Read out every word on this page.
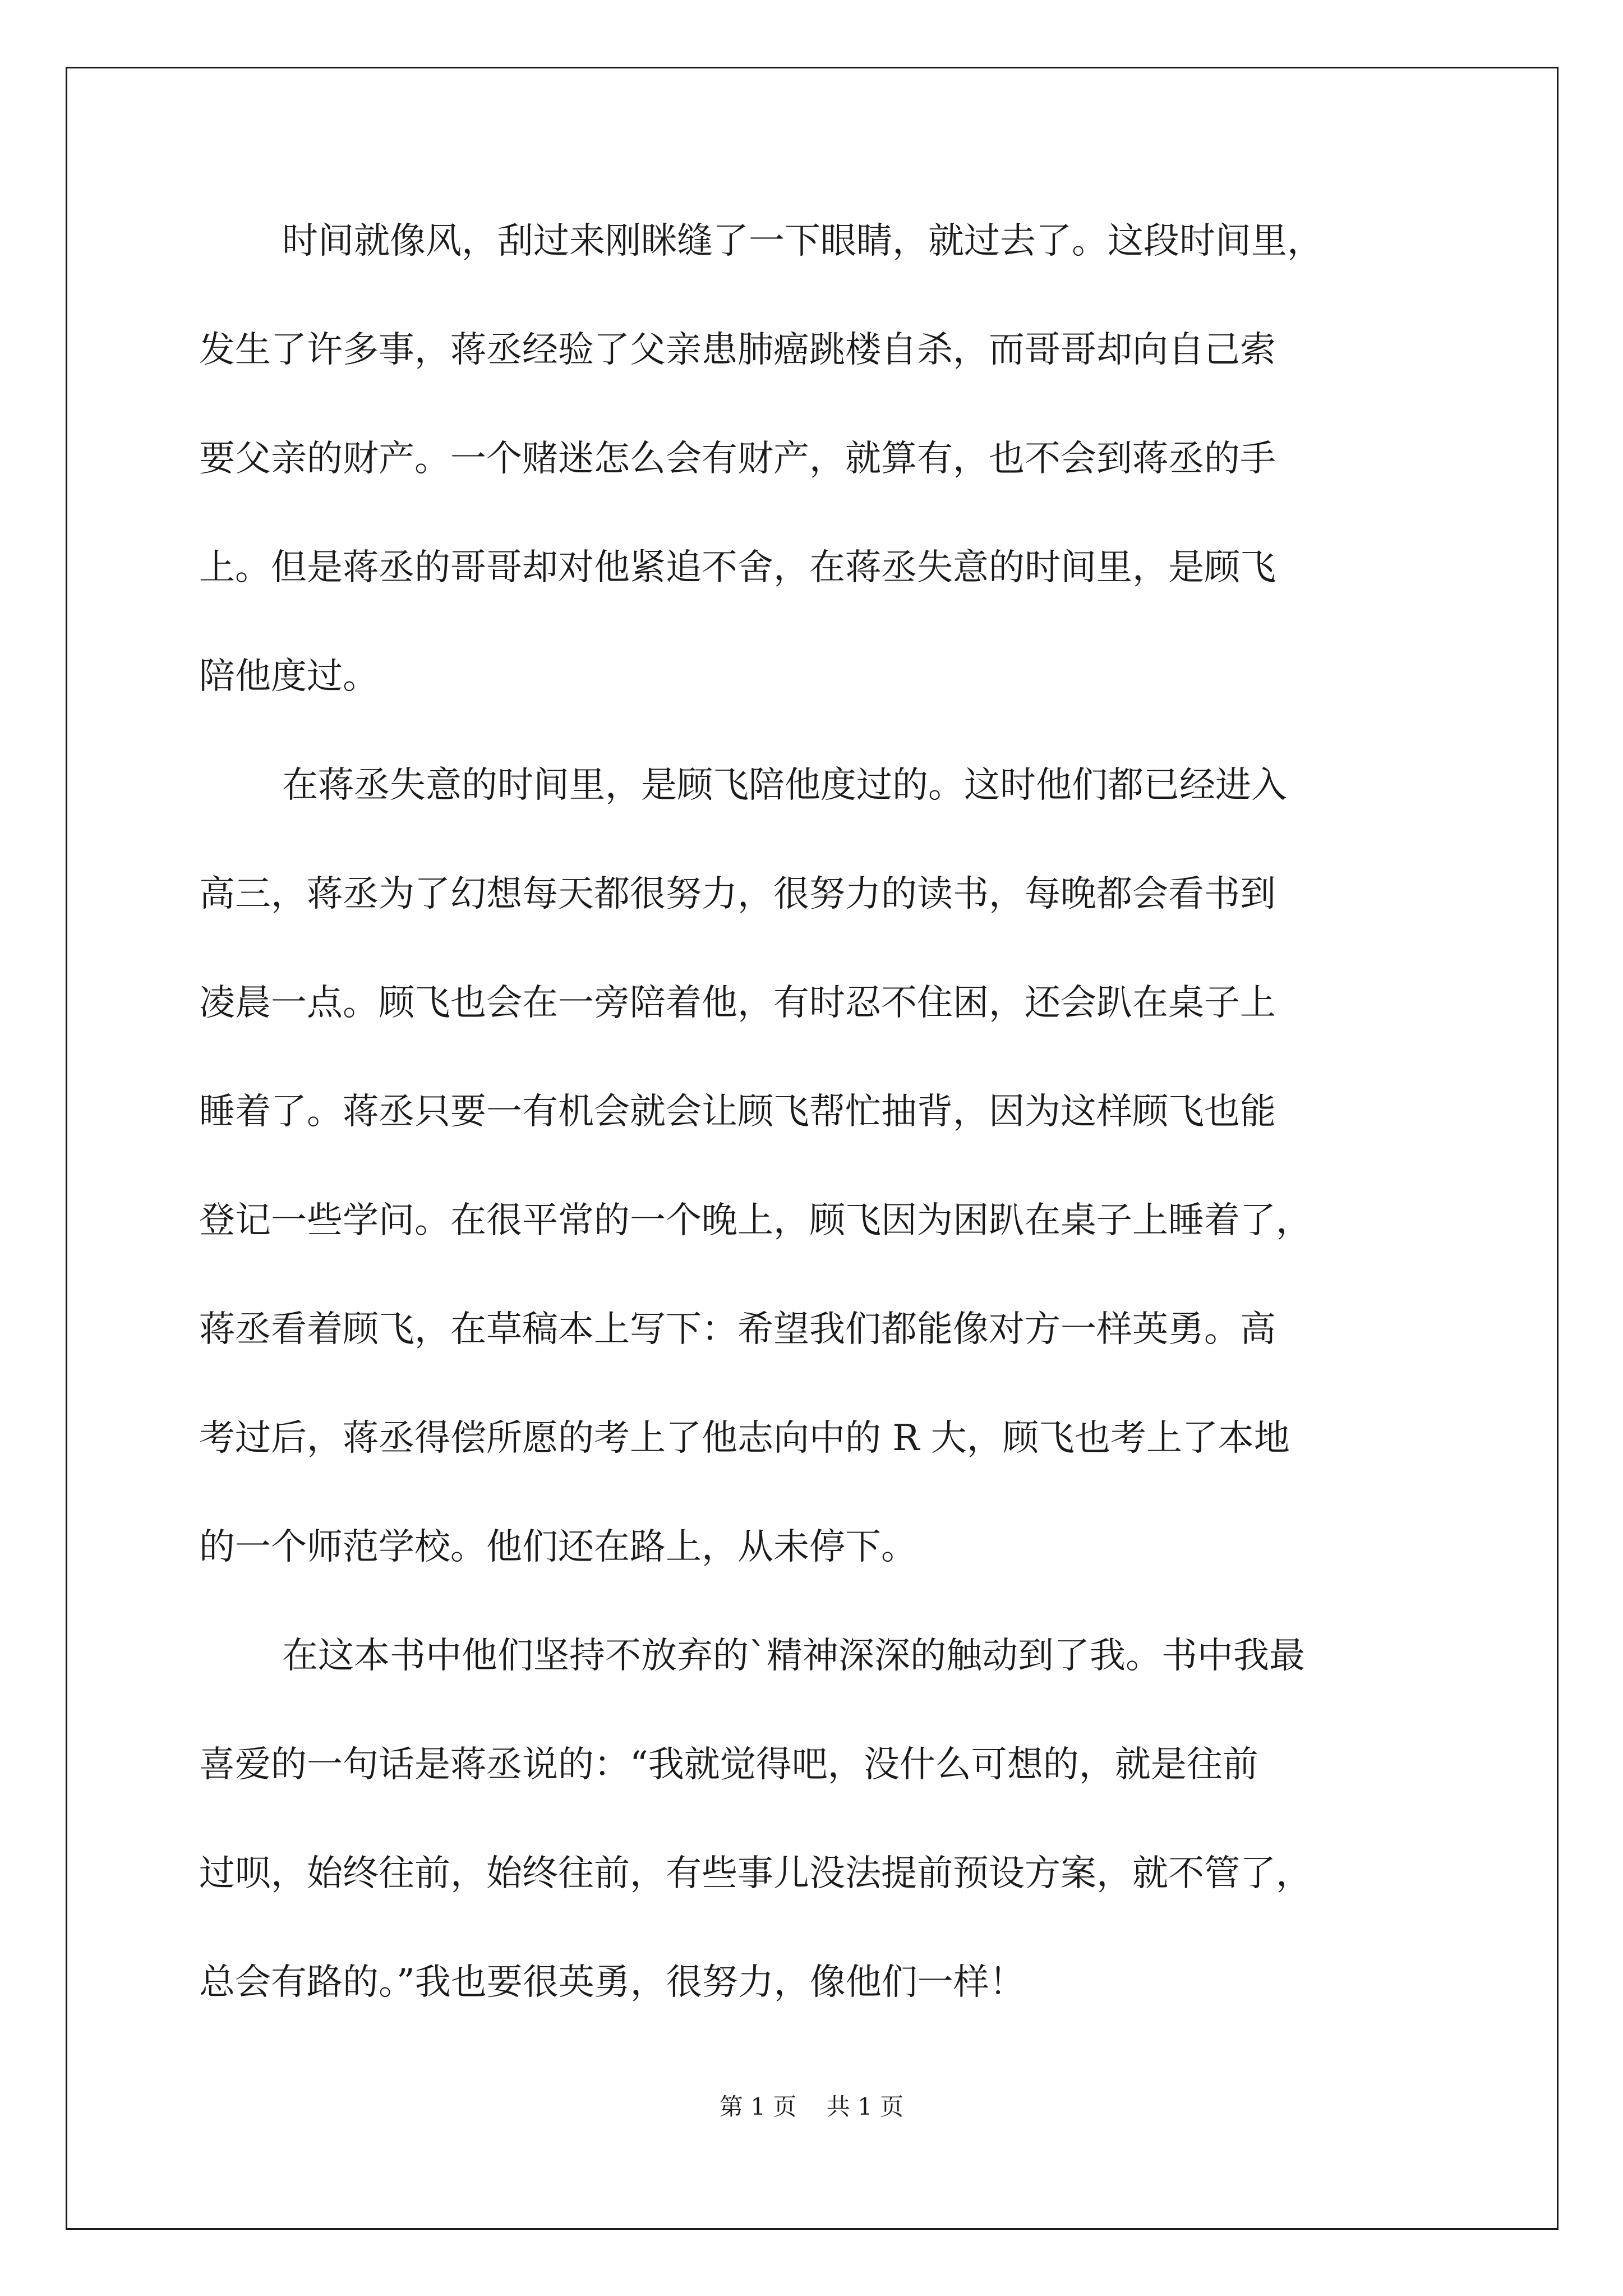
时间就像风，刮过来刚眯缝了一下眼睛，就过去了。这段时间里，
发生了许多事，蒋丞经验了父亲患肺癌跳楼自杀，而哥哥却向自己索
要父亲的财产。一个赌迷怎么会有财产，就算有，也不会到蒋丞的手
上。但是蒋丞的哥哥却对他紧追不舍，在蒋丞失意的时间里，是顾飞
陪他度过。
在蒋丞失意的时间里，是顾飞陪他度过的。这时他们都已经进入
高三，蒋丞为了幻想每天都很努力，很努力的读书，每晚都会看书到
凌晨一点。顾飞也会在一旁陪着他，有时忍不住困，还会趴在桌子上
睡着了。蒋丞只要一有机会就会让顾飞帮忙抽背，因为这样顾飞也能
登记一些学问。在很平常的一个晚上，顾飞因为困趴在桌子上睡着了，
蒋丞看着顾飞，在草稿本上写下：希望我们都能像对方一样英勇。高
考过后，蒋丞得偿所愿的考上了他志向中的 R 大，顾飞也考上了本地
的一个师范学校。他们还在路上，从未停下。
在这本书中他们坚持不放弃的`精神深深的触动到了我。书中我最
喜爱的一句话是蒋丞说的：“我就觉得吧，没什么可想的，就是往前
过呗，始终往前，始终往前，有些事儿没法提前预设方案，就不管了，
总会有路的。”我也要很英勇，很努力，像他们一样！
第 1 页    共 1 页
